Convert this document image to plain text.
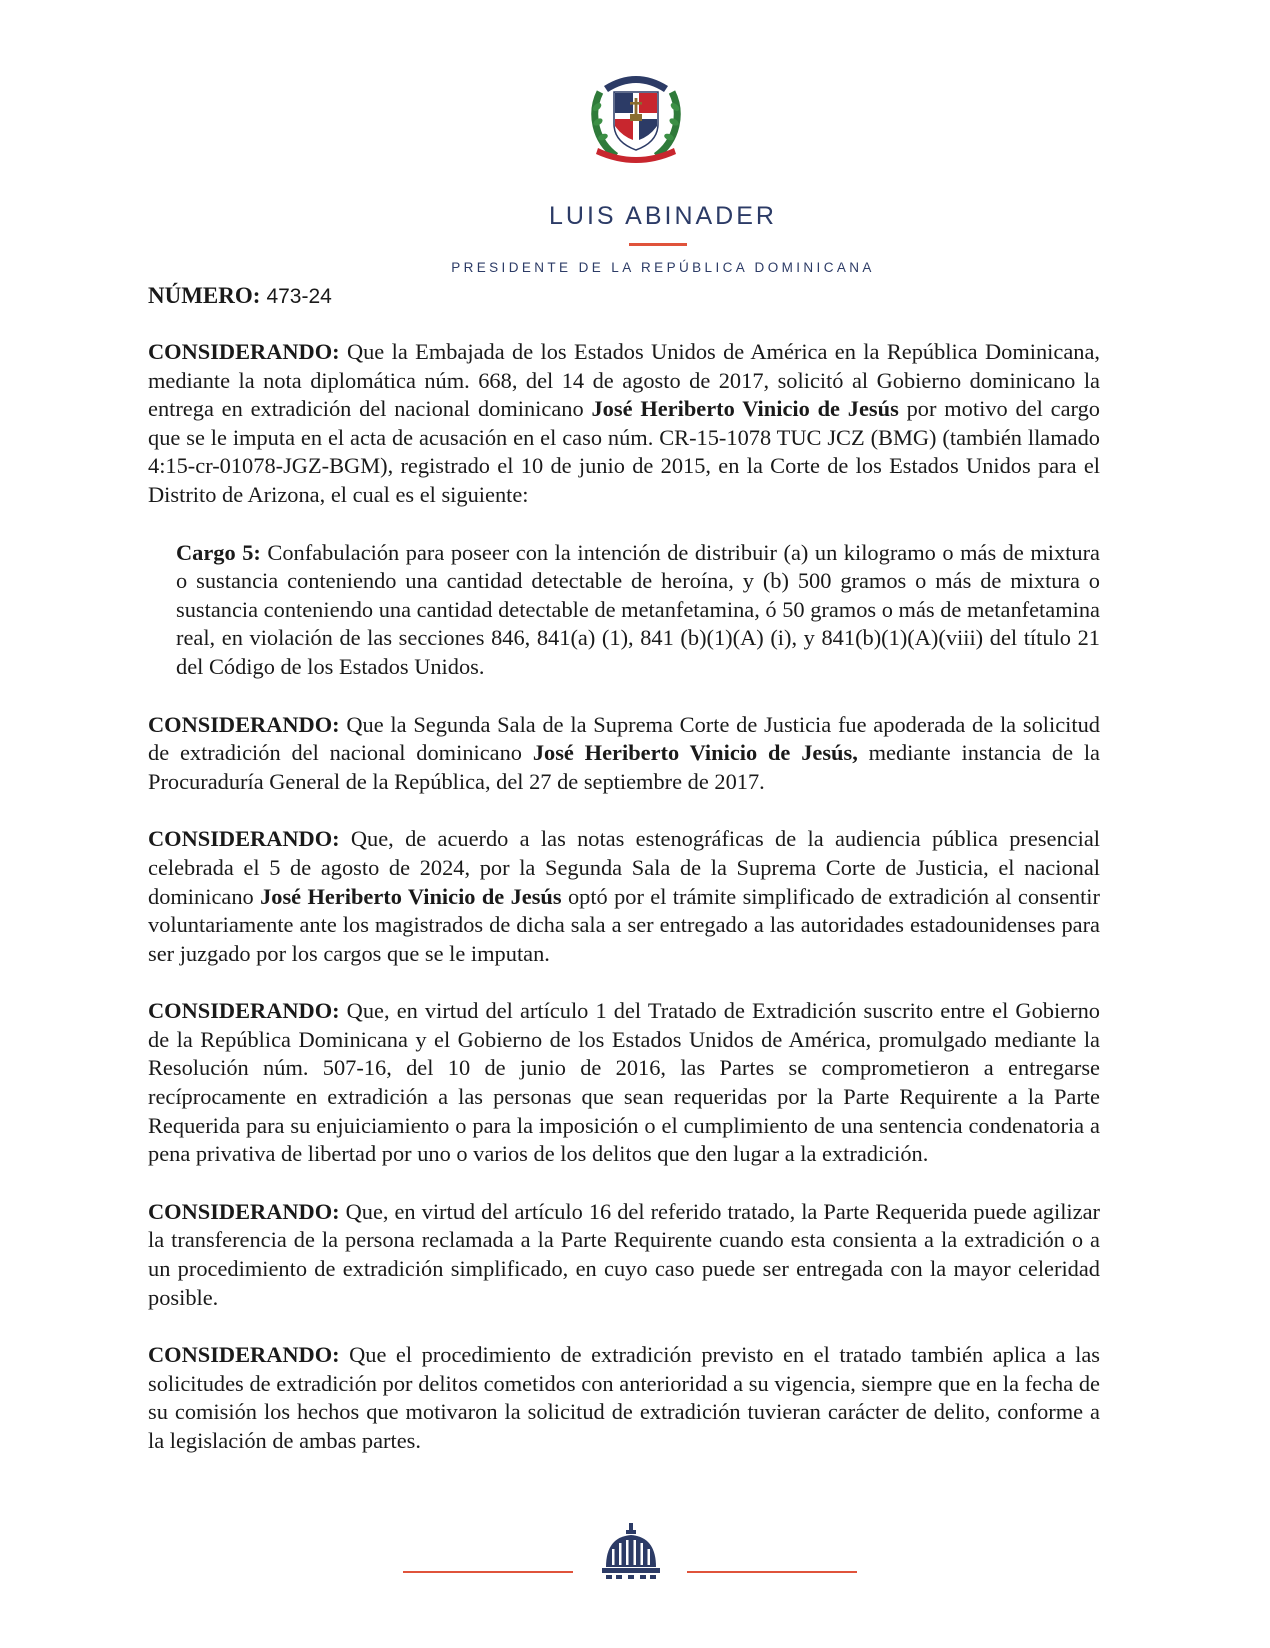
LUIS ABINADER
PRESIDENTE DE LA REPÚBLICA DOMINICANA
NÚMERO: 473-24

CONSIDERANDO: Que la Embajada de los Estados Unidos de América en la República Dominicana, mediante la nota diplomática núm. 668, del 14 de agosto de 2017, solicitó al Gobierno dominicano la entrega en extradición del nacional dominicano José Heriberto Vinicio de Jesús por motivo del cargo que se le imputa en el acta de acusación en el caso núm. CR-15-1078 TUC JCZ (BMG) (también llamado 4:15-cr-01078-JGZ-BGM), registrado el 10 de junio de 2015, en la Corte de los Estados Unidos para el Distrito de Arizona, el cual es el siguiente:

Cargo 5: Confabulación para poseer con la intención de distribuir (a) un kilogramo o más de mixtura o sustancia conteniendo una cantidad detectable de heroína, y (b) 500 gramos o más de mixtura o sustancia conteniendo una cantidad detectable de metanfetamina, ó 50 gramos o más de metanfetamina real, en violación de las secciones 846, 841(a) (1), 841 (b)(1)(A) (i), y 841(b)(1)(A)(viii) del título 21 del Código de los Estados Unidos.

CONSIDERANDO: Que la Segunda Sala de la Suprema Corte de Justicia fue apoderada de la solicitud de extradición del nacional dominicano José Heriberto Vinicio de Jesús, mediante instancia de la Procuraduría General de la República, del 27 de septiembre de 2017.

CONSIDERANDO: Que, de acuerdo a las notas estenográficas de la audiencia pública presencial celebrada el 5 de agosto de 2024, por la Segunda Sala de la Suprema Corte de Justicia, el nacional dominicano José Heriberto Vinicio de Jesús optó por el trámite simplificado de extradición al consentir voluntariamente ante los magistrados de dicha sala a ser entregado a las autoridades estadounidenses para ser juzgado por los cargos que se le imputan.

CONSIDERANDO: Que, en virtud del artículo 1 del Tratado de Extradición suscrito entre el Gobierno de la República Dominicana y el Gobierno de los Estados Unidos de América, promulgado mediante la Resolución núm. 507-16, del 10 de junio de 2016, las Partes se comprometieron a entregarse recíprocamente en extradición a las personas que sean requeridas por la Parte Requirente a la Parte Requerida para su enjuiciamiento o para la imposición o el cumplimiento de una sentencia condenatoria a pena privativa de libertad por uno o varios de los delitos que den lugar a la extradición.

CONSIDERANDO: Que, en virtud del artículo 16 del referido tratado, la Parte Requerida puede agilizar la transferencia de la persona reclamada a la Parte Requirente cuando esta consienta a la extradición o a un procedimiento de extradición simplificado, en cuyo caso puede ser entregada con la mayor celeridad posible.

CONSIDERANDO: Que el procedimiento de extradición previsto en el tratado también aplica a las solicitudes de extradición por delitos cometidos con anterioridad a su vigencia, siempre que en la fecha de su comisión los hechos que motivaron la solicitud de extradición tuvieran carácter de delito, conforme a la legislación de ambas partes.
